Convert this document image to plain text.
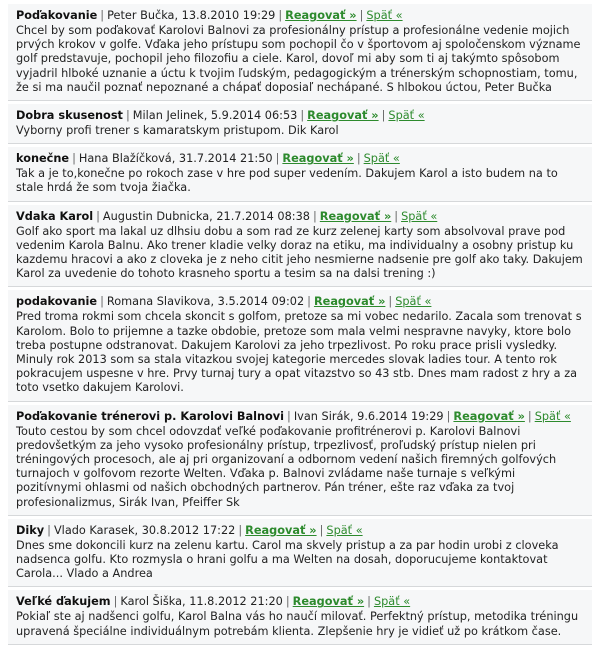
Poďakovanie | Peter Bučka, 13.8.2010 19:29 | Reagovať » | Späť «
Chcel by som poďakovať Karolovi Balnovi za profesionálny prístup a profesionálne vedenie mojich prvých krokov v golfe. Vďaka jeho prístupu som pochopil čo v športovom aj spoločenskom význame golf predstavuje, pochopil jeho filozofiu a ciele. Karol, dovoľ mi aby som ti aj takýmto spôsobom vyjadril hlboké uznanie a úctu k tvojim ľudským, pedagogickým a trénerským schopnostiam, tomu, že si ma naučil poznať nepoznané a chápať doposiaľ nechápané. S hlbokou úctou, Peter Bučka
Dobra skusenost | Milan Jelinek, 5.9.2014 06:53 | Reagovať » | Späť «
Vyborny profi trener s kamaratskym pristupom. Dik Karol
konečne | Hana Blažíčková, 31.7.2014 21:50 | Reagovať » | Späť «
Tak a je to,konečne po rokoch zase v hre pod super vedením. Dakujem Karol a isto budem na to stale hrdá že som tvoja žiačka.
Vdaka Karol | Augustin Dubnicka, 21.7.2014 08:38 | Reagovať » | Späť «
Golf ako sport ma lakal uz dlhsiu dobu a som rad ze kurz zelenej karty som absolvoval prave pod vedenim Karola Balnu. Ako trener kladie velky doraz na etiku, ma individualny a osobny pristup ku kazdemu hracovi a ako z cloveka je z neho citit jeho nesmierne nadsenie pre golf ako taky. Dakujem Karol za uvedenie do tohoto krasneho sportu a tesim sa na dalsi trening :)
podakovanie | Romana Slavikova, 3.5.2014 09:02 | Reagovať » | Späť «
Pred troma rokmi som chcela skoncit s golfom, pretoze sa mi vobec nedarilo. Zacala som trenovat s Karolom. Bolo to prijemne a tazke obdobie, pretoze som mala velmi nespravne navyky, ktore bolo treba postupne odstranovat. Dakujem Karolovi za jeho trpezlivost. Po roku prace prisli vysledky. Minuly rok 2013 som sa stala vitazkou svojej kategorie mercedes slovak ladies tour. A tento rok pokracujem uspesne v hre. Prvy turnaj tury a opat vitazstvo so 43 stb. Dnes mam radost z hry a za toto vsetko dakujem Karolovi.
Poďakovanie trénerovi p. Karolovi Balnovi | Ivan Sirák, 9.6.2014 19:29 | Reagovať » | Späť «
Touto cestou by som chcel odovzdať veľké poďakovanie profitrénerovi p. Karolovi Balnovi predovšetkým za jeho vysoko profesionálny prístup, trpezlivosť, proľudský prístup nielen pri tréningových procesoch, ale aj pri organizovaní a odbornom vedení našich firemných golfových turnajoch v golfovom rezorte Welten. Vďaka p. Balnovi zvládame naše turnaje s veľkými pozitívnymi ohlasmi od našich obchodných partnerov. Pán tréner, ešte raz vďaka za tvoj profesionalizmus, Sirák Ivan, Pfeiffer Sk
Diky | Vlado Karasek, 30.8.2012 17:22 | Reagovať » | Späť «
Dnes sme dokoncili kurz na zelenu kartu. Carol ma skvely pristup a za par hodin urobi z cloveka nadsenca golfu. Kto rozmysla o hrani golfu a ma Welten na dosah, doporucujeme kontaktovat Carola... Vlado a Andrea
Veľké ďakujem | Karol Šiška, 11.8.2012 21:20 | Reagovať » | Späť «
Pokiaľ ste aj nadšenci golfu, Karol Balna vás ho naučí milovať. Perfektný prístup, metodika tréningu upravená špeciálne individuálnym potrebám klienta. Zlepšenie hry je vidieť už po krátkom čase.
